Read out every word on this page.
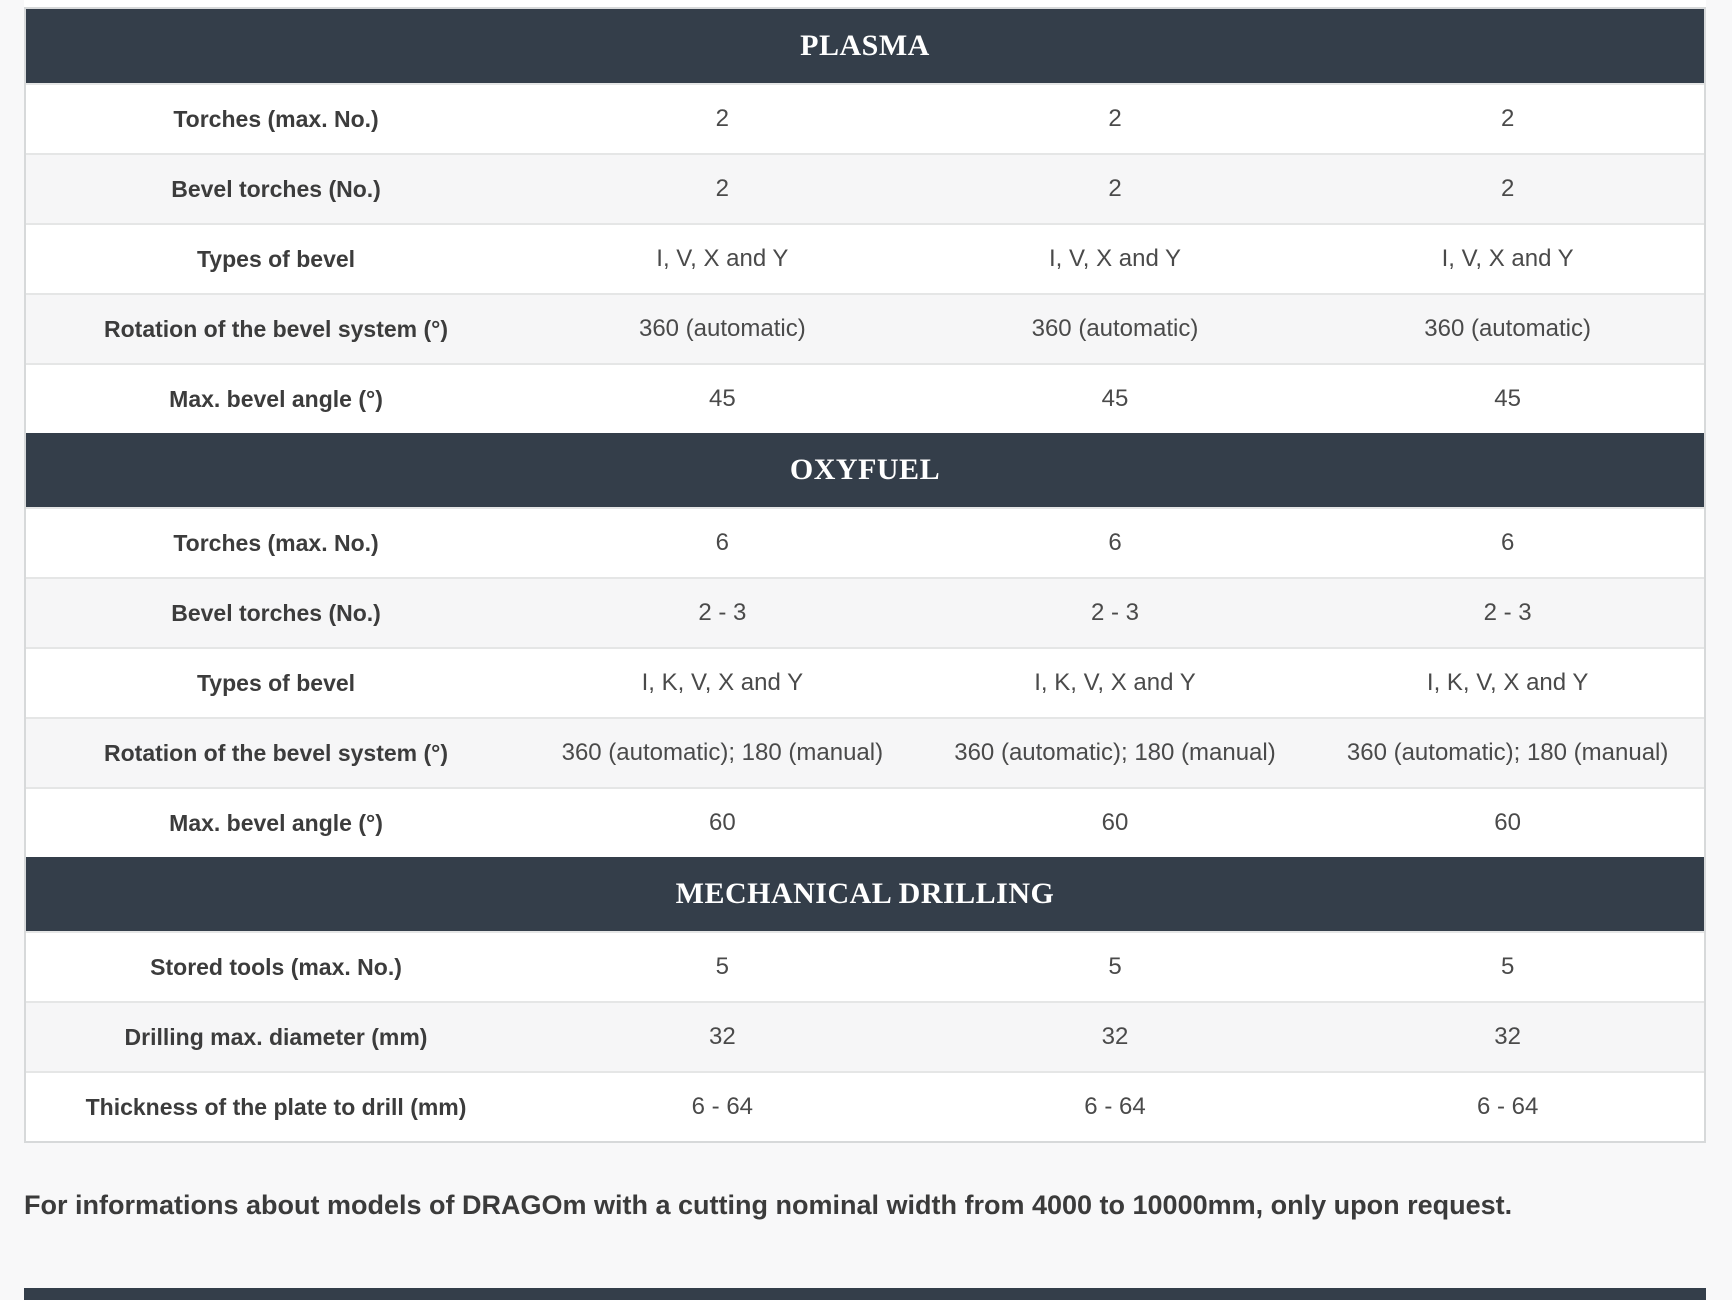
PLASMA
Torches (max. No.)	2	2	2
Bevel torches (No.)	2	2	2
Types of bevel	I, V, X and Y	I, V, X and Y	I, V, X and Y
Rotation of the bevel system (°)	360 (automatic)	360 (automatic)	360 (automatic)
Max. bevel angle (°)	45	45	45
OXYFUEL
Torches (max. No.)	6	6	6
Bevel torches (No.)	2 - 3	2 - 3	2 - 3
Types of bevel	I, K, V, X and Y	I, K, V, X and Y	I, K, V, X and Y
Rotation of the bevel system (°)	360 (automatic); 180 (manual)	360 (automatic); 180 (manual)	360 (automatic); 180 (manual)
Max. bevel angle (°)	60	60	60
MECHANICAL DRILLING
Stored tools (max. No.)	5	5	5
Drilling max. diameter (mm)	32	32	32
Thickness of the plate to drill (mm)	6 - 64	6 - 64	6 - 64
For informations about models of DRAGOm with a cutting nominal width from 4000 to 10000mm, only upon request.
